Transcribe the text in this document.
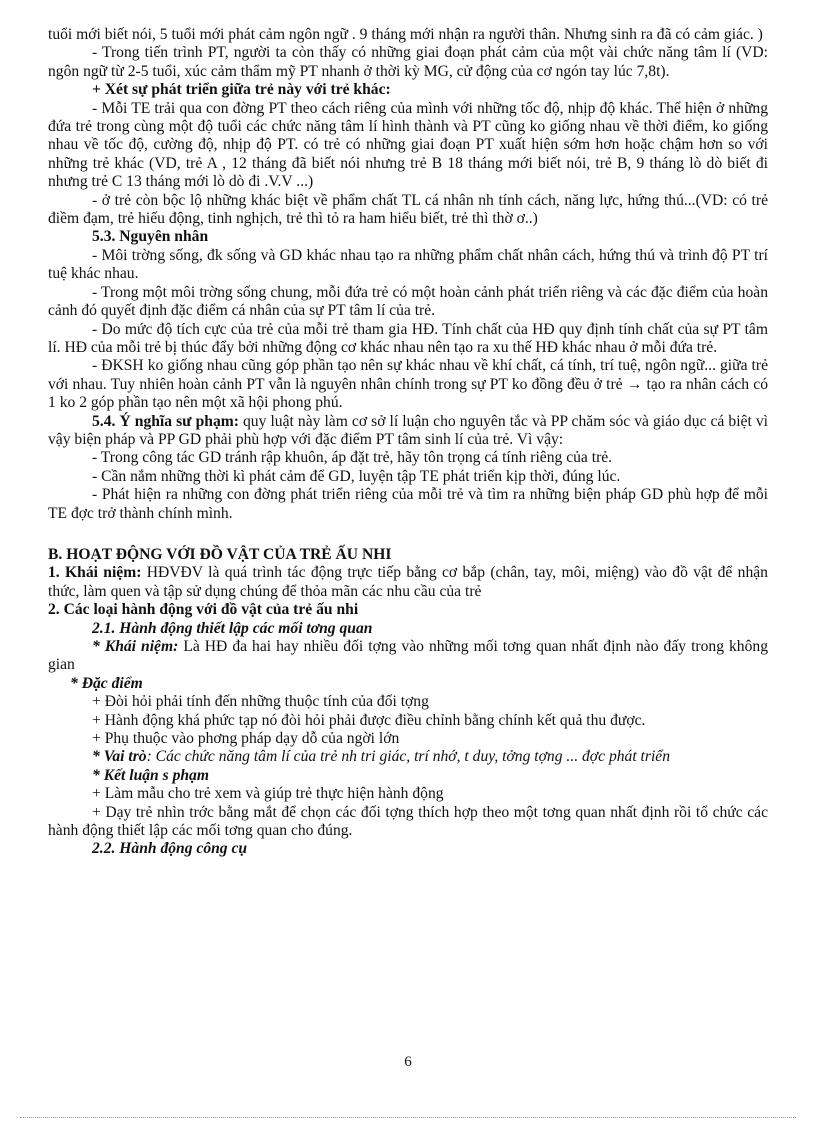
tuổi mới biết nói, 5 tuổi mới phát cảm ngôn ngữ . 9 tháng mới nhận ra người thân. Nhưng sinh ra đã có cảm giác. )

- Trong tiến trình PT, người ta còn thấy có những giai đoạn phát cảm của một vài chức năng tâm lí (VD: ngôn ngữ từ 2-5 tuổi, xúc cảm thẩm mỹ PT nhanh ở thời kỳ MG, cử động của cơ ngón tay lúc 7,8t).

+ Xét sự phát triển giữa trẻ này với trẻ khác:

- Mỗi TE trải qua con đờng PT theo cách riêng của mình với những tốc độ, nhịp độ khác. Thể hiện ở những đứa trẻ trong cùng một độ tuổi các chức năng tâm lí hình thành và PT cũng ko giống nhau về thời điểm, ko giống nhau về tốc độ, cường độ, nhịp độ PT. có trẻ có những giai đoạn PT xuất hiện sớm hơn hoặc chậm hơn so với những trẻ khác (VD, trẻ A , 12 tháng đã biết nói nhưng trẻ B 18 tháng mới biết nói, trẻ B, 9 tháng lò dò biết đi nhưng trẻ C 13 tháng mới lò dò đi .V.V ...)

- ở trẻ còn bộc lộ những khác biệt về phẩm chất TL cá nhân nh tính cách, năng lực, hứng thú...(VD: có trẻ điềm đạm, trẻ hiếu động, tinh nghịch, trẻ thì tỏ ra ham hiểu biết, trẻ thì thờ ơ..)

5.3. Nguyên nhân

- Môi trờng sống, đk sống và GD khác nhau tạo ra những phẩm chất nhân cách, hứng thú và trình độ PT trí tuệ khác nhau.

- Trong một môi trờng sống chung, mỗi đứa trẻ có một hoàn cảnh phát triển riêng và các đặc điểm của hoàn cảnh đó quyết định đặc điểm cá nhân của sự PT tâm lí của trẻ.

- Do mức độ tích cực của trẻ của mỗi trẻ tham gia HĐ. Tính chất của HĐ quy định tính chất của sự PT tâm lí. HĐ của mỗi trẻ bị thúc đẩy bởi những động cơ khác nhau nên tạo ra xu thế HĐ khác nhau ở mỗi đứa trẻ.

- ĐKSH ko giống nhau cũng góp phần tạo nên sự khác nhau về khí chất, cá tính, trí tuệ, ngôn ngữ... giữa trẻ với nhau. Tuy nhiên hoàn cảnh PT vẫn là nguyên nhân chính trong sự PT ko đồng đều ở trẻ → tạo ra nhân cách có 1 ko 2 góp phần tạo nên một xã hội phong phú.

5.4. Ý nghĩa sư phạm: quy luật này làm cơ sở lí luận cho nguyên tắc và PP chăm sóc và giáo dục cá biệt vì vậy biện pháp và PP GD phải phù hợp với đặc điểm PT tâm sinh lí của trẻ. Vì vậy:

- Trong công tác GD tránh rập khuôn, áp đặt trẻ, hãy tôn trọng cá tính riêng của trẻ.

- Cần nắm những thời kì phát cảm để GD, luyện tập TE phát triển kịp thời, đúng lúc.

- Phát hiện ra những con đờng phát triển riêng của mỗi trẻ và tìm ra những biện pháp GD phù hợp để mỗi TE đợc trở thành chính mình.

B. HOẠT ĐỘNG VỚI ĐỒ VẬT CỦA TRẺ ẤU NHI

1. Khái niệm: HĐVĐV là quá trình tác động trực tiếp bằng cơ bắp (chân, tay, môi, miệng) vào đồ vật để nhận thức, làm quen và tập sử dụng chúng để thỏa mãn các nhu cầu của trẻ

2. Các loại hành động với đồ vật của trẻ ấu nhi

2.1. Hành động thiết lập các mối tơng quan

* Khái niệm: Là HĐ đa hai hay nhiều đối tợng vào những mối tơng quan nhất định nào đấy trong không gian

* Đặc điểm

+ Đòi hỏi phải tính đến những thuộc tính của đối tợng

+ Hành động khá phức tạp nó đòi hỏi phải được điều chỉnh bằng chính kết quả thu được.

+ Phụ thuộc vào phơng pháp dạy dỗ của ngời lớn

* Vai trò: Các chức năng tâm lí của trẻ nh tri giác, trí nhớ, t duy, tởng tợng ... đợc phát triển

* Kết luận s phạm

+ Làm mẫu cho trẻ xem và giúp trẻ thực hiện hành động

+ Dạy trẻ nhìn trớc bằng mắt để chọn các đối tợng thích hợp theo một tơng quan nhất định rồi tổ chức các hành động thiết lập các mối tơng quan cho đúng.

2.2. Hành động công cụ

6
